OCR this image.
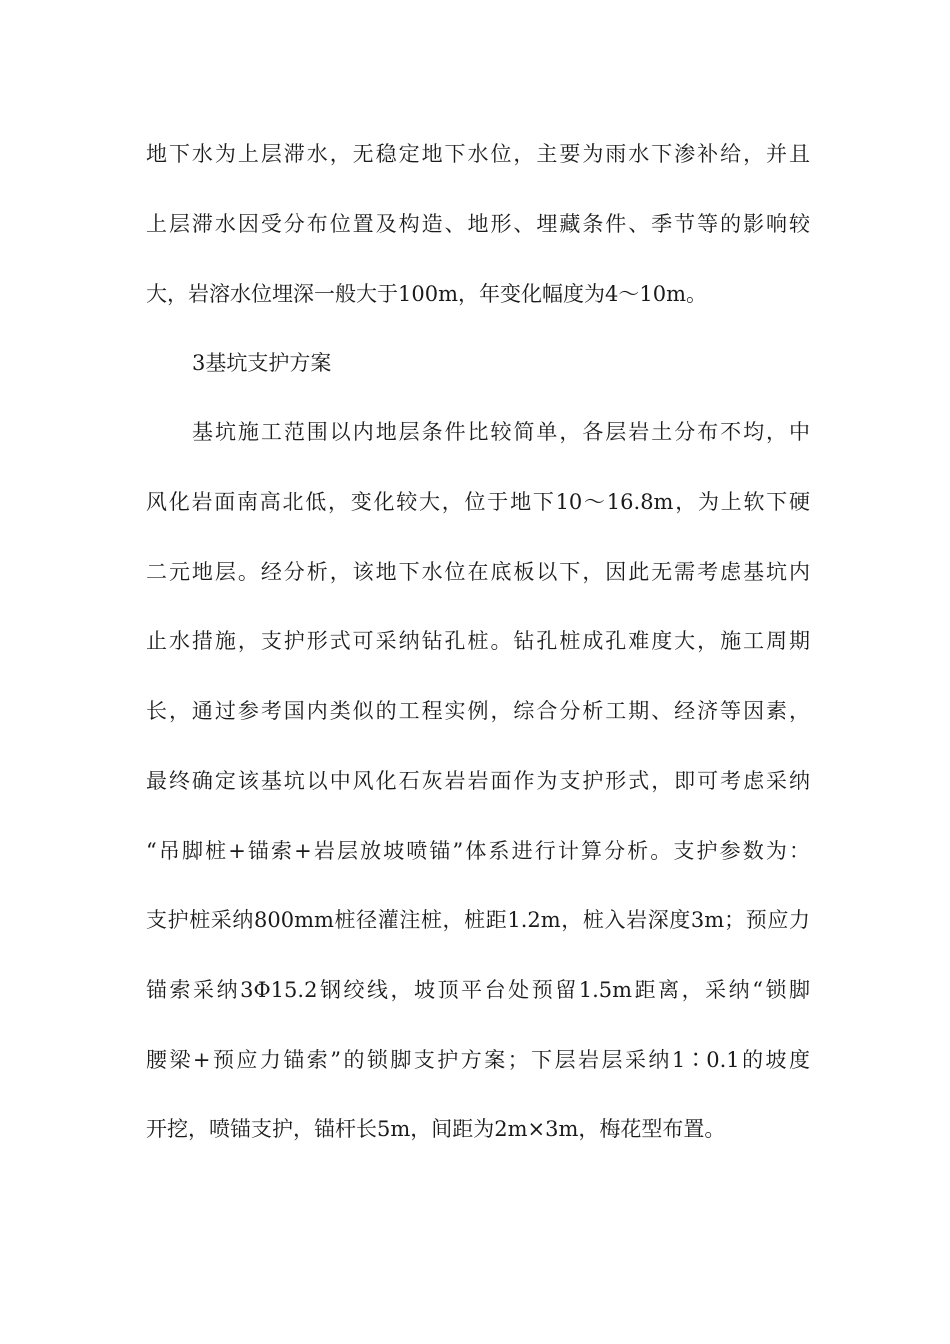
地下水为上层滞水，无稳定地下水位，主要为雨水下渗补给，并且
上层滞水因受分布位置及构造、地形、埋藏条件、季节等的影响较
大，岩溶水位埋深一般大于100m，年变化幅度为4～10m。
3基坑支护方案
基坑施工范围以内地层条件比较简单，各层岩土分布不均，中
风化岩面南高北低，变化较大，位于地下10～16.8m，为上软下硬
二元地层。经分析，该地下水位在底板以下，因此无需考虑基坑内
止水措施，支护形式可采纳钻孔桩。钻孔桩成孔难度大，施工周期
长，通过参考国内类似的工程实例，综合分析工期、经济等因素，
最终确定该基坑以中风化石灰岩岩面作为支护形式，即可考虑采纳
“吊脚桩+锚索+岩层放坡喷锚”体系进行计算分析。支护参数为：
支护桩采纳800mm桩径灌注桩，桩距1.2m，桩入岩深度3m；预应力
锚索采纳3Φ15.2钢绞线，坡顶平台处预留1.5m距离，采纳“锁脚
腰梁+预应力锚索”的锁脚支护方案；下层岩层采纳1∶0.1的坡度
开挖，喷锚支护，锚杆长5m，间距为2m×3m，梅花型布置。
